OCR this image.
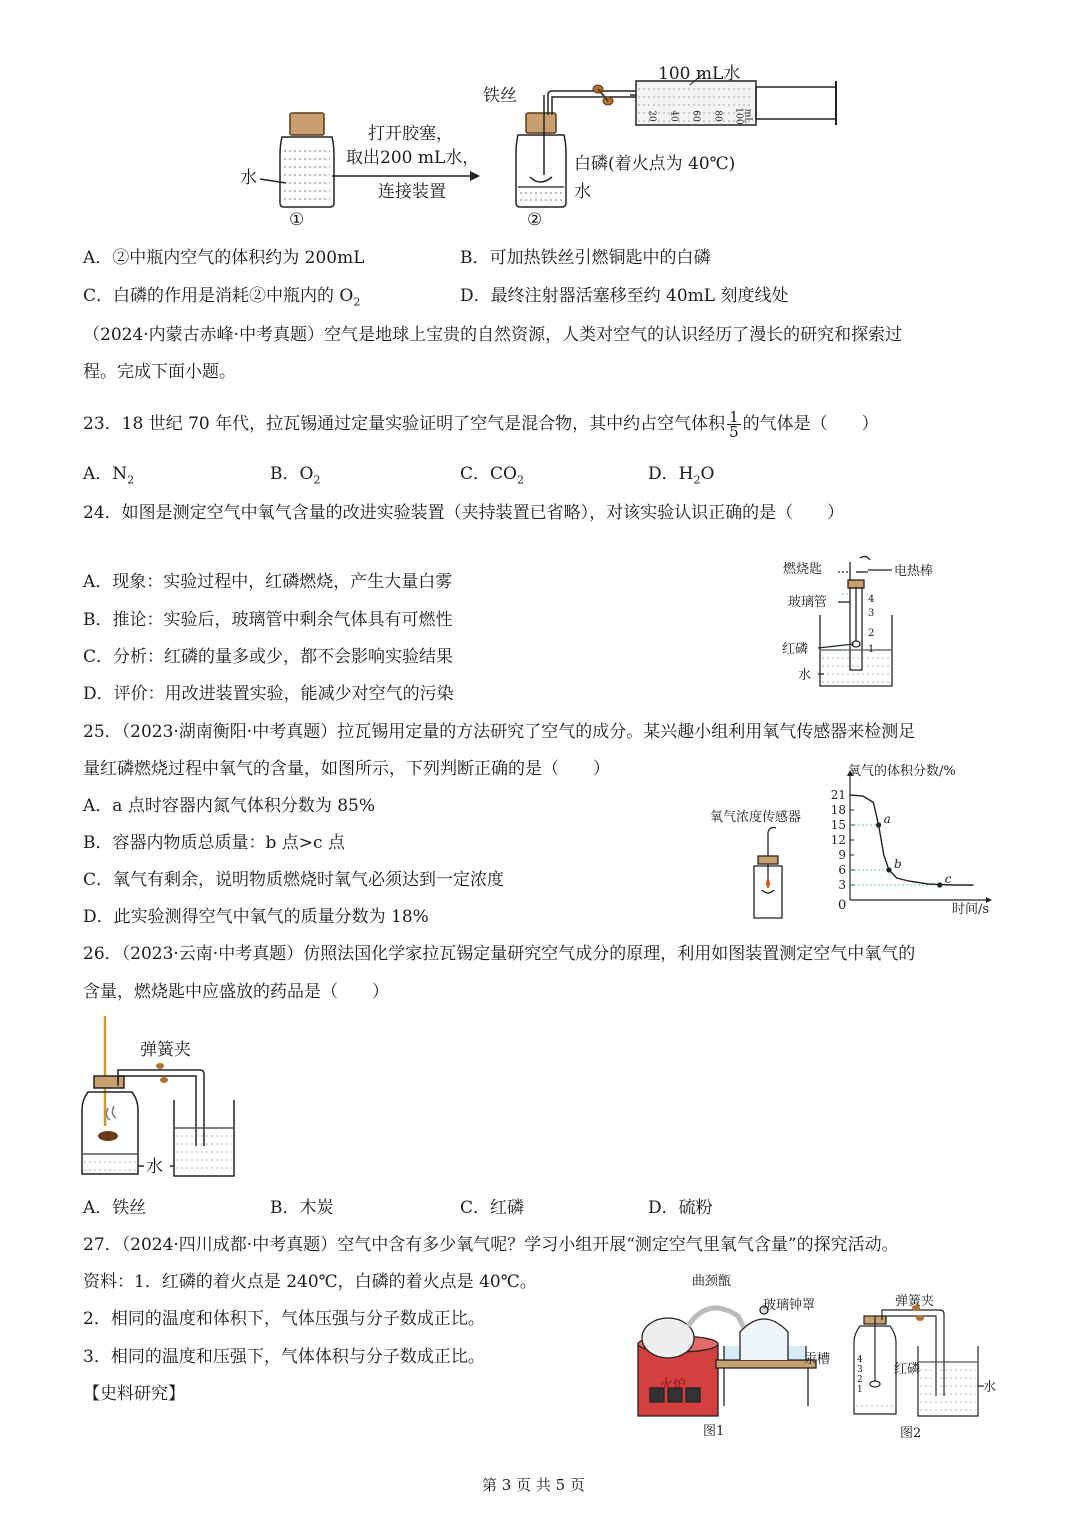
铁丝
100 mL水
水
打开胶塞，
取出200 mL水，
连接装置
白磷(着火点为 40℃)
水
①	②
20	40	60	80	100
mL
A．②中瓶内空气的体积约为 200mL	B．可加热铁丝引燃铜匙中的白磷
C．白磷的作用是消耗②中瓶内的 $O_2$	D．最终注射器活塞移至约 40mL 刻度线处
（2024·内蒙古赤峰·中考真题）空气是地球上宝贵的自然资源，人类对空气的认识经历了漫长的研究和探索过
程。完成下面小题。
23．18 世纪 70 年代，拉瓦锡通过定量实验证明了空气是混合物，其中约占空气体积 $\frac{1}{5}$ 的气体是（　　）
A．$N_2$	B．$O_2$	C．$CO_2$	D．$H_2O$
24．如图是测定空气中氧气含量的改进实验装置（夹持装置已省略），对该实验认识正确的是（　　）
A．现象：实验过程中，红磷燃烧，产生大量白雾
B．推论：实验后，玻璃管中剩余气体具有可燃性
C．分析：红磷的量多或少，都不会影响实验结果
D．评价：用改进装置实验，能减少对空气的污染
燃烧匙	电热棒
玻璃管
红磷
水
4
3
2
1
25．（2023·湖南衡阳·中考真题）拉瓦锡用定量的方法研究了空气的成分。某兴趣小组利用氧气传感器来检测足
量红磷燃烧过程中氧气的含量，如图所示，下列判断正确的是（　　）
A．a 点时容器内氮气体积分数为 85%
B．容器内物质总质量：b 点>c 点
C．氧气有剩余，说明物质燃烧时氧气必须达到一定浓度
D．此实验测得空气中氧气的质量分数为 18%
氧气浓度传感器
3
6
9
12
15
18
21
a
b
c
氧气的体积分数/%
时间/s
0
26．（2023·云南·中考真题）仿照法国化学家拉瓦锡定量研究空气成分的原理，利用如图装置测定空气中氧气的
含量，燃烧匙中应盛放的药品是（　　）
弹簧夹
水
A．铁丝	B．木炭	C．红磷	D．硫粉
27．（2024·四川成都·中考真题）空气中含有多少氧气呢？学习小组开展“测定空气里氧气含量”的探究活动。
资料：1．红磷的着火点是 240℃，白磷的着火点是 40℃。
2．相同的温度和体积下，气体压强与分子数成正比。
3．相同的温度和压强下，气体体积与分子数成正比。
【史料研究】
曲颈甑
玻璃钟罩
汞槽
火炉
图1
弹簧夹
红磷
水
4
3
2
1
图2
第 3 页 共 5 页
